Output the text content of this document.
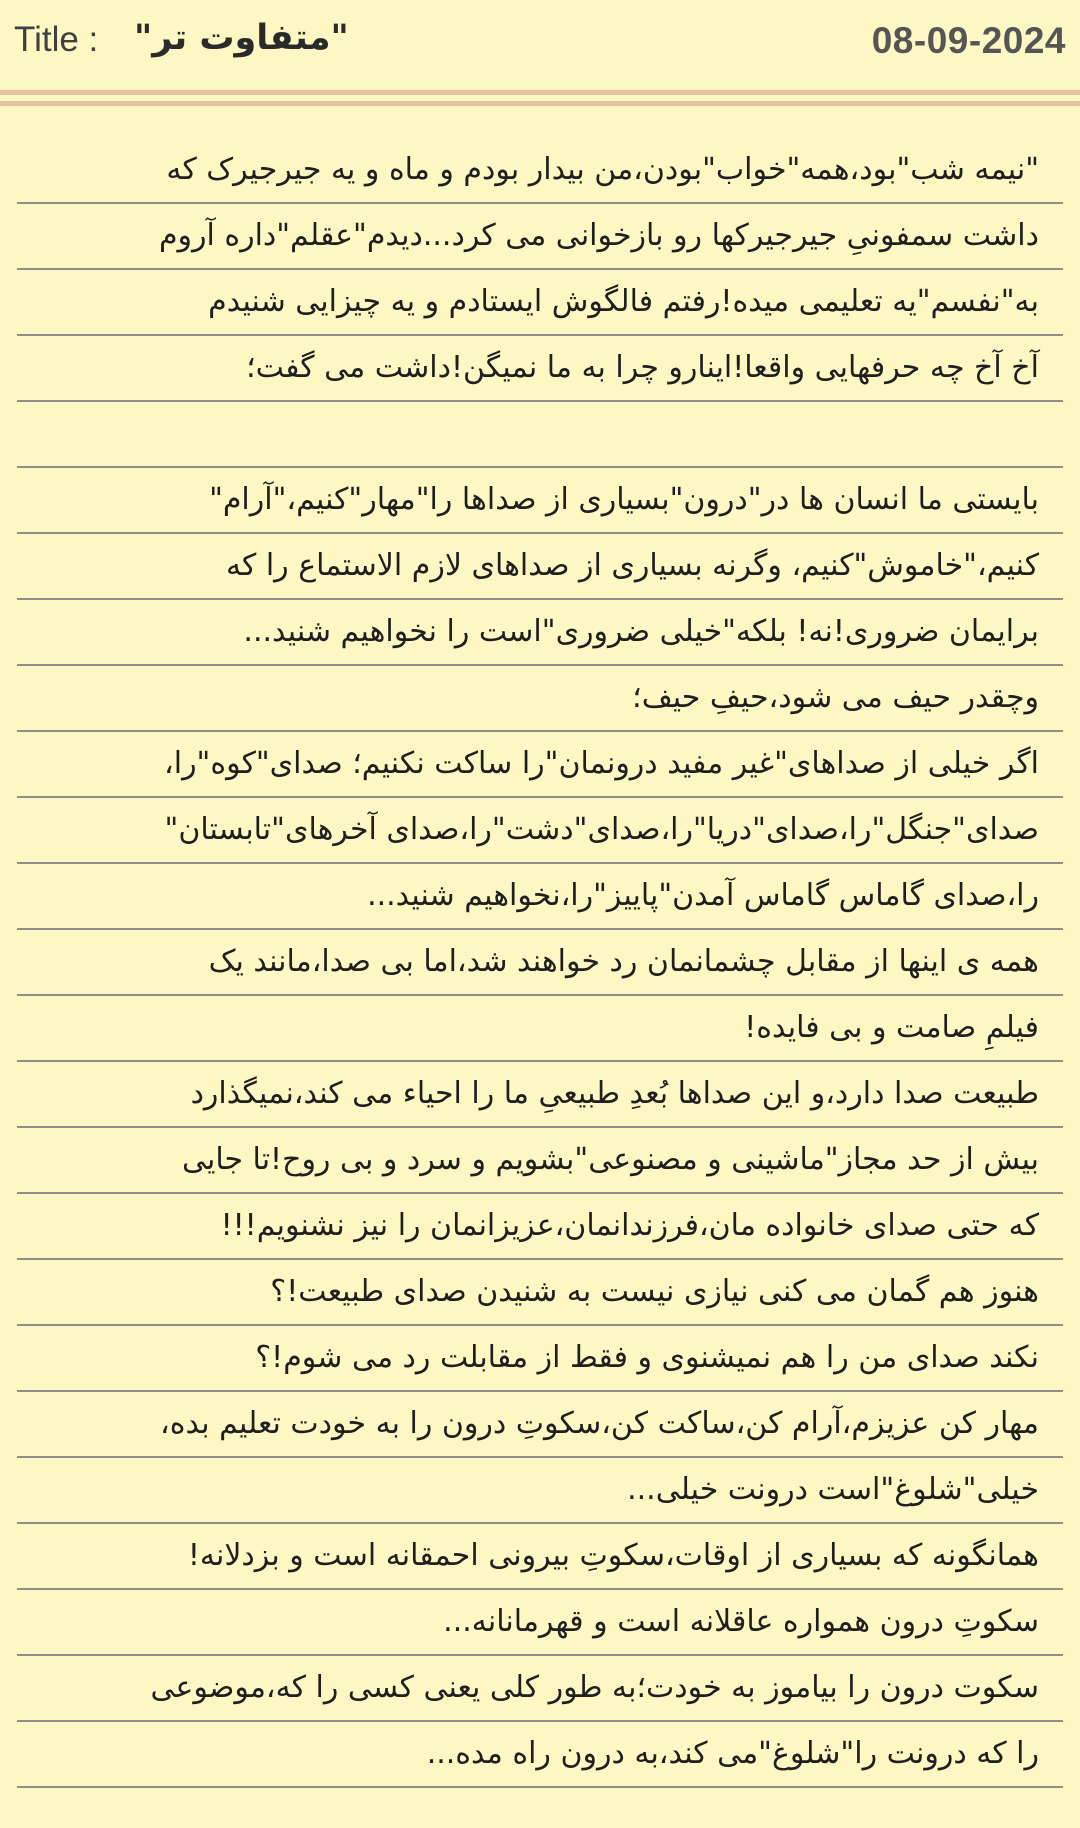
Title : "متفاوت تر"	08-09-2024
"نیمه شب"بود،همه"خواب"بودن،من بیدار بودم و ماه و یه جیرجیرک که
داشت سمفونیِ جیرجیرکها رو بازخوانی می کرد...دیدم"عقلم"داره آروم
به"نفسم"یه تعلیمی میده!رفتم فالگوش ایستادم و یه چیزایی شنیدم
آخ آخ چه حرفهایی واقعا!اینارو چرا به ما نمیگن!داشت می گفت؛
بایستی ما انسان ها در"درون"بسیاری از صداها را"مهار"کنیم،"آرام"
کنیم،"خاموش"کنیم، وگرنه بسیاری از صداهای لازم الاستماع را که
برایمان ضروری!نه! بلکه"خیلی ضروری"است را نخواهیم شنید...
وچقدر حیف می شود،حیفِ حیف؛
اگر خیلی از صداهای"غیر مفید درونمان"را ساکت نکنیم؛ صدای"کوه"را،
صدای"جنگل"را،صدای"دریا"را،صدای"دشت"را،صدای آخرهای"تابستان"
را،صدای گاماس گاماس آمدن"پاییز"را،نخواهیم شنید...
همه ی اینها از مقابل چشمانمان رد خواهند شد،اما بی صدا،مانند یک
فیلمِ صامت و بی فایده!
طبیعت صدا دارد،و این صداها بُعدِ طبیعیِ ما را احیاء می کند،نمیگذارد
بیش از حد مجاز"ماشینی و مصنوعی"بشویم و سرد و بی روح!تا جایی
که حتی صدای خانواده مان،فرزندانمان،عزیزانمان را نیز نشنویم!!!
هنوز هم گمان می کنی نیازی نیست به شنیدن صدای طبیعت!؟
نکند صدای من را هم نمیشنوی و فقط از مقابلت رد می شوم!؟
مهار کن عزیزم،آرام کن،ساکت کن،سکوتِ درون را به خودت تعلیم بده،
خیلی"شلوغ"است درونت خیلی...
همانگونه که بسیاری از اوقات،سکوتِ بیرونی احمقانه است و بزدلانه!
سکوتِ درون همواره عاقلانه است و قهرمانانه...
سکوت درون را بیاموز به خودت؛به طور کلی یعنی کسی را که،موضوعی
را که درونت را"شلوغ"می کند،به درون راه مده...
